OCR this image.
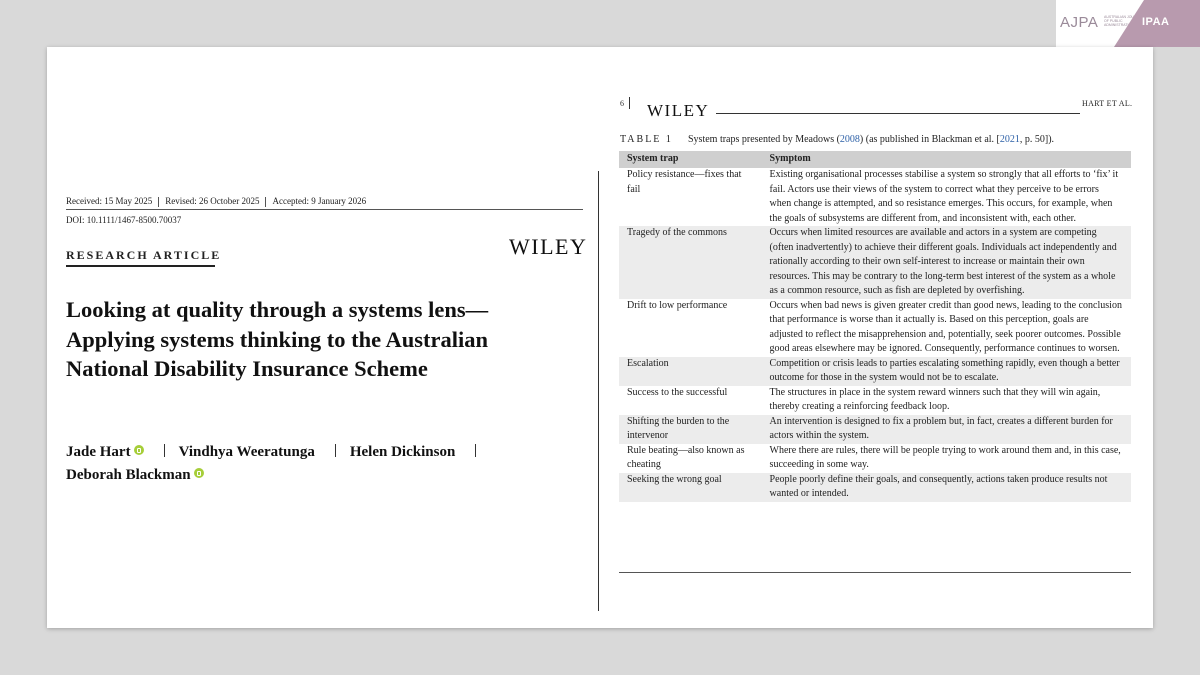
AJPA AUSTRALIAN JOURNAL OF PUBLIC ADMINISTRATION IPAA
Received: 15 May 2025 Revised: 26 October 2025 Accepted: 9 January 2026
DOI: 10.1111/1467-8500.70037
RESEARCH ARTICLE	WILEY
Looking at quality through a systems lens—Applying systems thinking to the Australian National Disability Insurance Scheme
Jade Hart	Vindhya Weeratunga Helen Dickinson
Deborah Blackman
6 WILEY	HART ET AL.
TABLE 1 System traps presented by Meadows (2008) (as published in Blackman et al. [2021, p. 50]).
System trap	Symptom
Policy resistance—fixes that fail	Existing organisational processes stabilise a system so strongly that all efforts to ‘fix’ it fail. Actors use their views of the system to correct what they perceive to be errors when change is attempted, and so resistance emerges. This occurs, for example, when the goals of subsystems are different from, and inconsistent with, each other.
Tragedy of the commons	Occurs when limited resources are available and actors in a system are competing (often inadvertently) to achieve their different goals. Individuals act independently and rationally according to their own self-interest to increase or maintain their own resources. This may be contrary to the long-term best interest of the system as a whole as a common resource, such as fish are depleted by overfishing.
Drift to low performance	Occurs when bad news is given greater credit than good news, leading to the conclusion that performance is worse than it actually is. Based on this perception, goals are adjusted to reflect the misapprehension and, potentially, seek poorer outcomes. Possible good areas elsewhere may be ignored. Consequently, performance continues to worsen.
Escalation	Competition or crisis leads to parties escalating something rapidly, even though a better outcome for those in the system would not be to escalate.
Success to the successful	The structures in place in the system reward winners such that they will win again, thereby creating a reinforcing feedback loop.
Shifting the burden to the intervenor	An intervention is designed to fix a problem but, in fact, creates a different burden for actors within the system.
Rule beating—also known as cheating	Where there are rules, there will be people trying to work around them and, in this case, succeeding in some way.
Seeking the wrong goal	People poorly define their goals, and consequently, actions taken produce results not wanted or intended.
